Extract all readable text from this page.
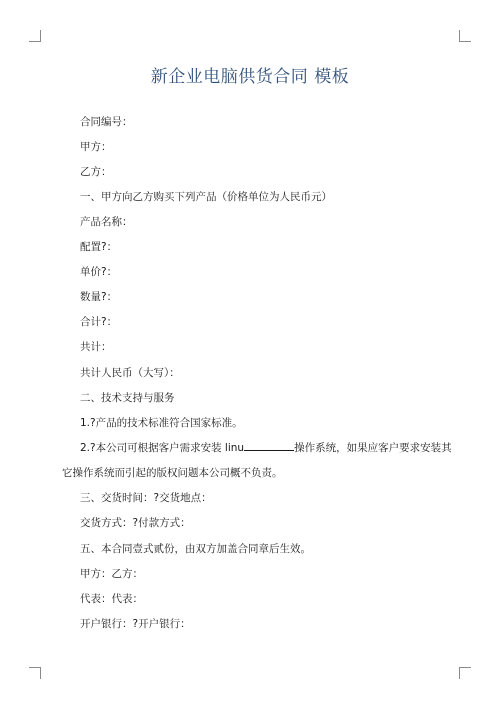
新企业电脑供货合同 模板
合同编号：
甲方：
乙方：
一、甲方向乙方购买下列产品（价格单位为人民币元）
产品名称：
配置?：
单价?：
数量?：
合计?：
共计：
共计人民币（大写）：
二、技术支持与服务
1.?产品的技术标准符合国家标准。
2.?本公司可根据客户需求安装 linu	操作系统，如果应客户要求安装其
它操作系统而引起的版权问题本公司概不负责。
三、交货时间：?交货地点：
交货方式：?付款方式：
五、本合同壹式贰份，由双方加盖合同章后生效。
甲方：乙方：
代表：代表：
开户银行：?开户银行：
